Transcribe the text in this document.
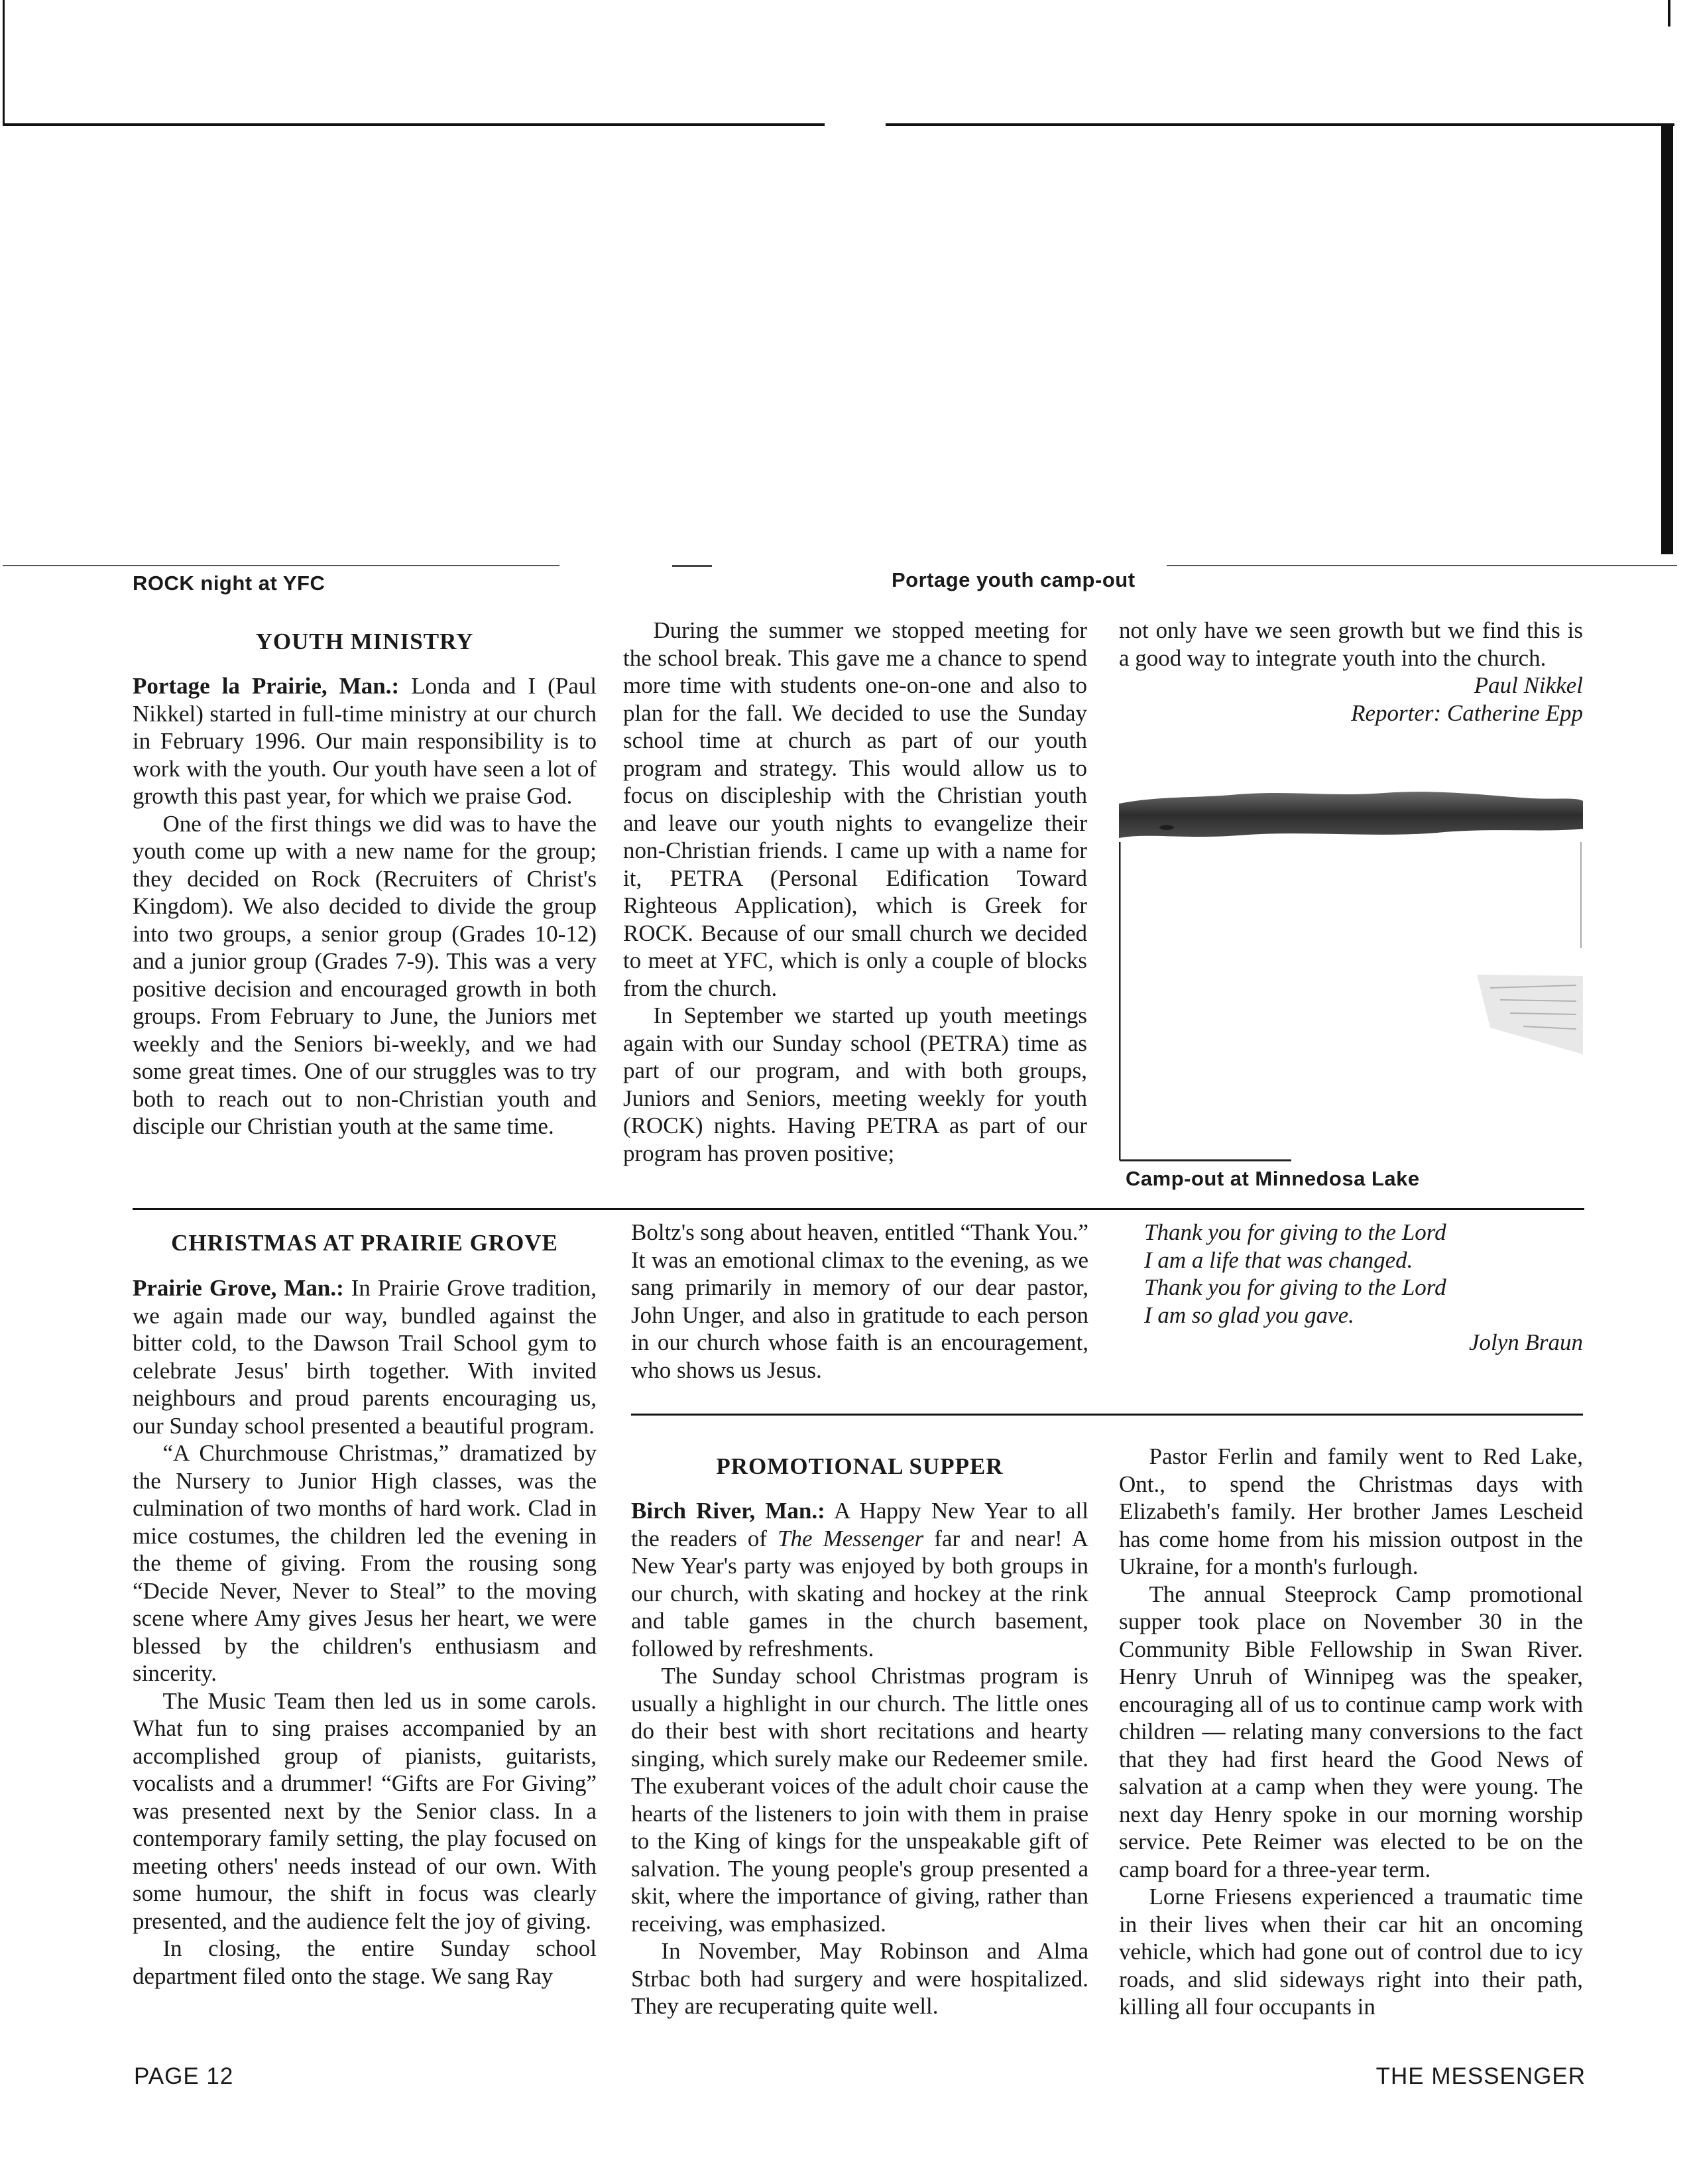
ROCK night at YFC	Portage youth camp-out
YOUTH MINISTRY

Portage la Prairie, Man.: Londa and I (Paul Nikkel) started in full-time ministry at our church in February 1996. Our main responsibility is to work with the youth. Our youth have seen a lot of growth this past year, for which we praise God.

One of the first things we did was to have the youth come up with a new name for the group; they decided on Rock (Recruiters of Christ's Kingdom). We also decided to divide the group into two groups, a senior group (Grades 10-12) and a junior group (Grades 7-9). This was a very positive decision and encouraged growth in both groups. From February to June, the Juniors met weekly and the Seniors bi-weekly, and we had some great times. One of our struggles was to try both to reach out to non-Christian youth and disciple our Christian youth at the same time.

During the summer we stopped meeting for the school break. This gave me a chance to spend more time with students one-on-one and also to plan for the fall. We decided to use the Sunday school time at church as part of our youth program and strategy. This would allow us to focus on discipleship with the Christian youth and leave our youth nights to evangelize their non-Christian friends. I came up with a name for it, PETRA (Personal Edification Toward Righteous Application), which is Greek for ROCK. Because of our small church we decided to meet at YFC, which is only a couple of blocks from the church.

In September we started up youth meetings again with our Sunday school (PETRA) time as part of our program, and with both groups, Juniors and Seniors, meeting weekly for youth (ROCK) nights. Having PETRA as part of our program has proven positive;

not only have we seen growth but we find this is a good way to integrate youth into the church.

Paul Nikkel

Reporter: Catherine Epp

Camp-out at Minnedosa Lake
CHRISTMAS AT PRAIRIE GROVE

Prairie Grove, Man.: In Prairie Grove tradition, we again made our way, bundled against the bitter cold, to the Dawson Trail School gym to celebrate Jesus' birth together. With invited neighbours and proud parents encouraging us, our Sunday school presented a beautiful program.

“A Churchmouse Christmas,” dramatized by the Nursery to Junior High classes, was the culmination of two months of hard work. Clad in mice costumes, the children led the evening in the theme of giving. From the rousing song “Decide Never, Never to Steal” to the moving scene where Amy gives Jesus her heart, we were blessed by the children's enthusiasm and sincerity.

The Music Team then led us in some carols. What fun to sing praises accompanied by an accomplished group of pianists, guitarists, vocalists and a drummer! “Gifts are For Giving” was presented next by the Senior class. In a contemporary family setting, the play focused on meeting others' needs instead of our own. With some humour, the shift in focus was clearly presented, and the audience felt the joy of giving.

In closing, the entire Sunday school department filed onto the stage. We sang Ray

Boltz's song about heaven, entitled “Thank You.” It was an emotional climax to the evening, as we sang primarily in memory of our dear pastor, John Unger, and also in gratitude to each person in our church whose faith is an encouragement, who shows us Jesus.

Thank you for giving to the Lord

I am a life that was changed.

Thank you for giving to the Lord

I am so glad you gave.

Jolyn Braun

PROMOTIONAL SUPPER

Birch River, Man.: A Happy New Year to all the readers of The Messenger far and near! A New Year's party was enjoyed by both groups in our church, with skating and hockey at the rink and table games in the church basement, followed by refreshments.

The Sunday school Christmas program is usually a highlight in our church. The little ones do their best with short recitations and hearty singing, which surely make our Redeemer smile. The exuberant voices of the adult choir cause the hearts of the listeners to join with them in praise to the King of kings for the unspeakable gift of salvation. The young people's group presented a skit, where the importance of giving, rather than receiving, was emphasized.

In November, May Robinson and Alma Strbac both had surgery and were hospitalized. They are recuperating quite well.

Pastor Ferlin and family went to Red Lake, Ont., to spend the Christmas days with Elizabeth's family. Her brother James Lescheid has come home from his mission outpost in the Ukraine, for a month's furlough.

The annual Steeprock Camp promotional supper took place on November 30 in the Community Bible Fellowship in Swan River. Henry Unruh of Winnipeg was the speaker, encouraging all of us to continue camp work with children — relating many conversions to the fact that they had first heard the Good News of salvation at a camp when they were young. The next day Henry spoke in our morning worship service. Pete Reimer was elected to be on the camp board for a three-year term.

Lorne Friesens experienced a traumatic time in their lives when their car hit an oncoming vehicle, which had gone out of control due to icy roads, and slid sideways right into their path, killing all four occupants in

PAGE 12	THE MESSENGER
